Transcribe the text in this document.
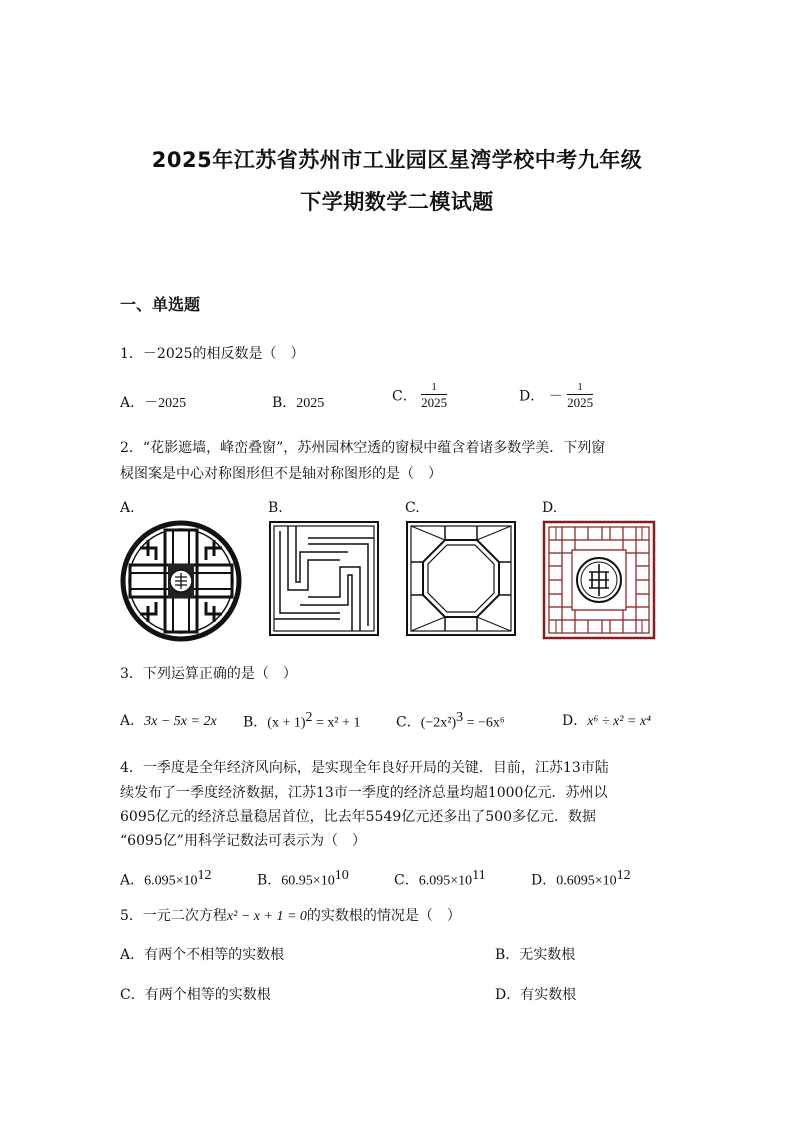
2025年江苏省苏州市工业园区星湾学校中考九年级
下学期数学二模试题
一、单选题
1．－2025的相反数是（　）
A．－2025	B．2025	C． $\frac{1}{2025}$	D． － $\frac{1}{2025}$
2．“花影遮墙，峰峦叠窗”，苏州园林空透的窗棂中蕴含着诸多数学美．下列窗
棂图案是中心对称图形但不是轴对称图形的是（　）
A.	B.	C.	D.
3．下列运算正确的是（　）
A．3x − 5x = 2x B．$(x + 1)^2 = x^2 + 1$	C．$(-2x^2)^3 = -6x^6$	D．x⁶ ÷ x² = x⁴
4．一季度是全年经济风向标，是实现全年良好开局的关键．目前，江苏13市陆
续发布了一季度经济数据，江苏13市一季度的经济总量均超1000亿元．苏州以
6095亿元的经济总量稳居首位，比去年5549亿元还多出了500多亿元．数据
“6095亿”用科学记数法可表示为（　）
A．$6.095\times 10^{12}$	B．$60.95\times 10^{10}$	C．$6.095\times 10^{11}$	D．$0.6095\times 10^{12}$
5．一元二次方程x² − x + 1 = 0的实数根的情况是（　）
A．有两个不相等的实数根	B．无实数根
C．有两个相等的实数根	D．有实数根
